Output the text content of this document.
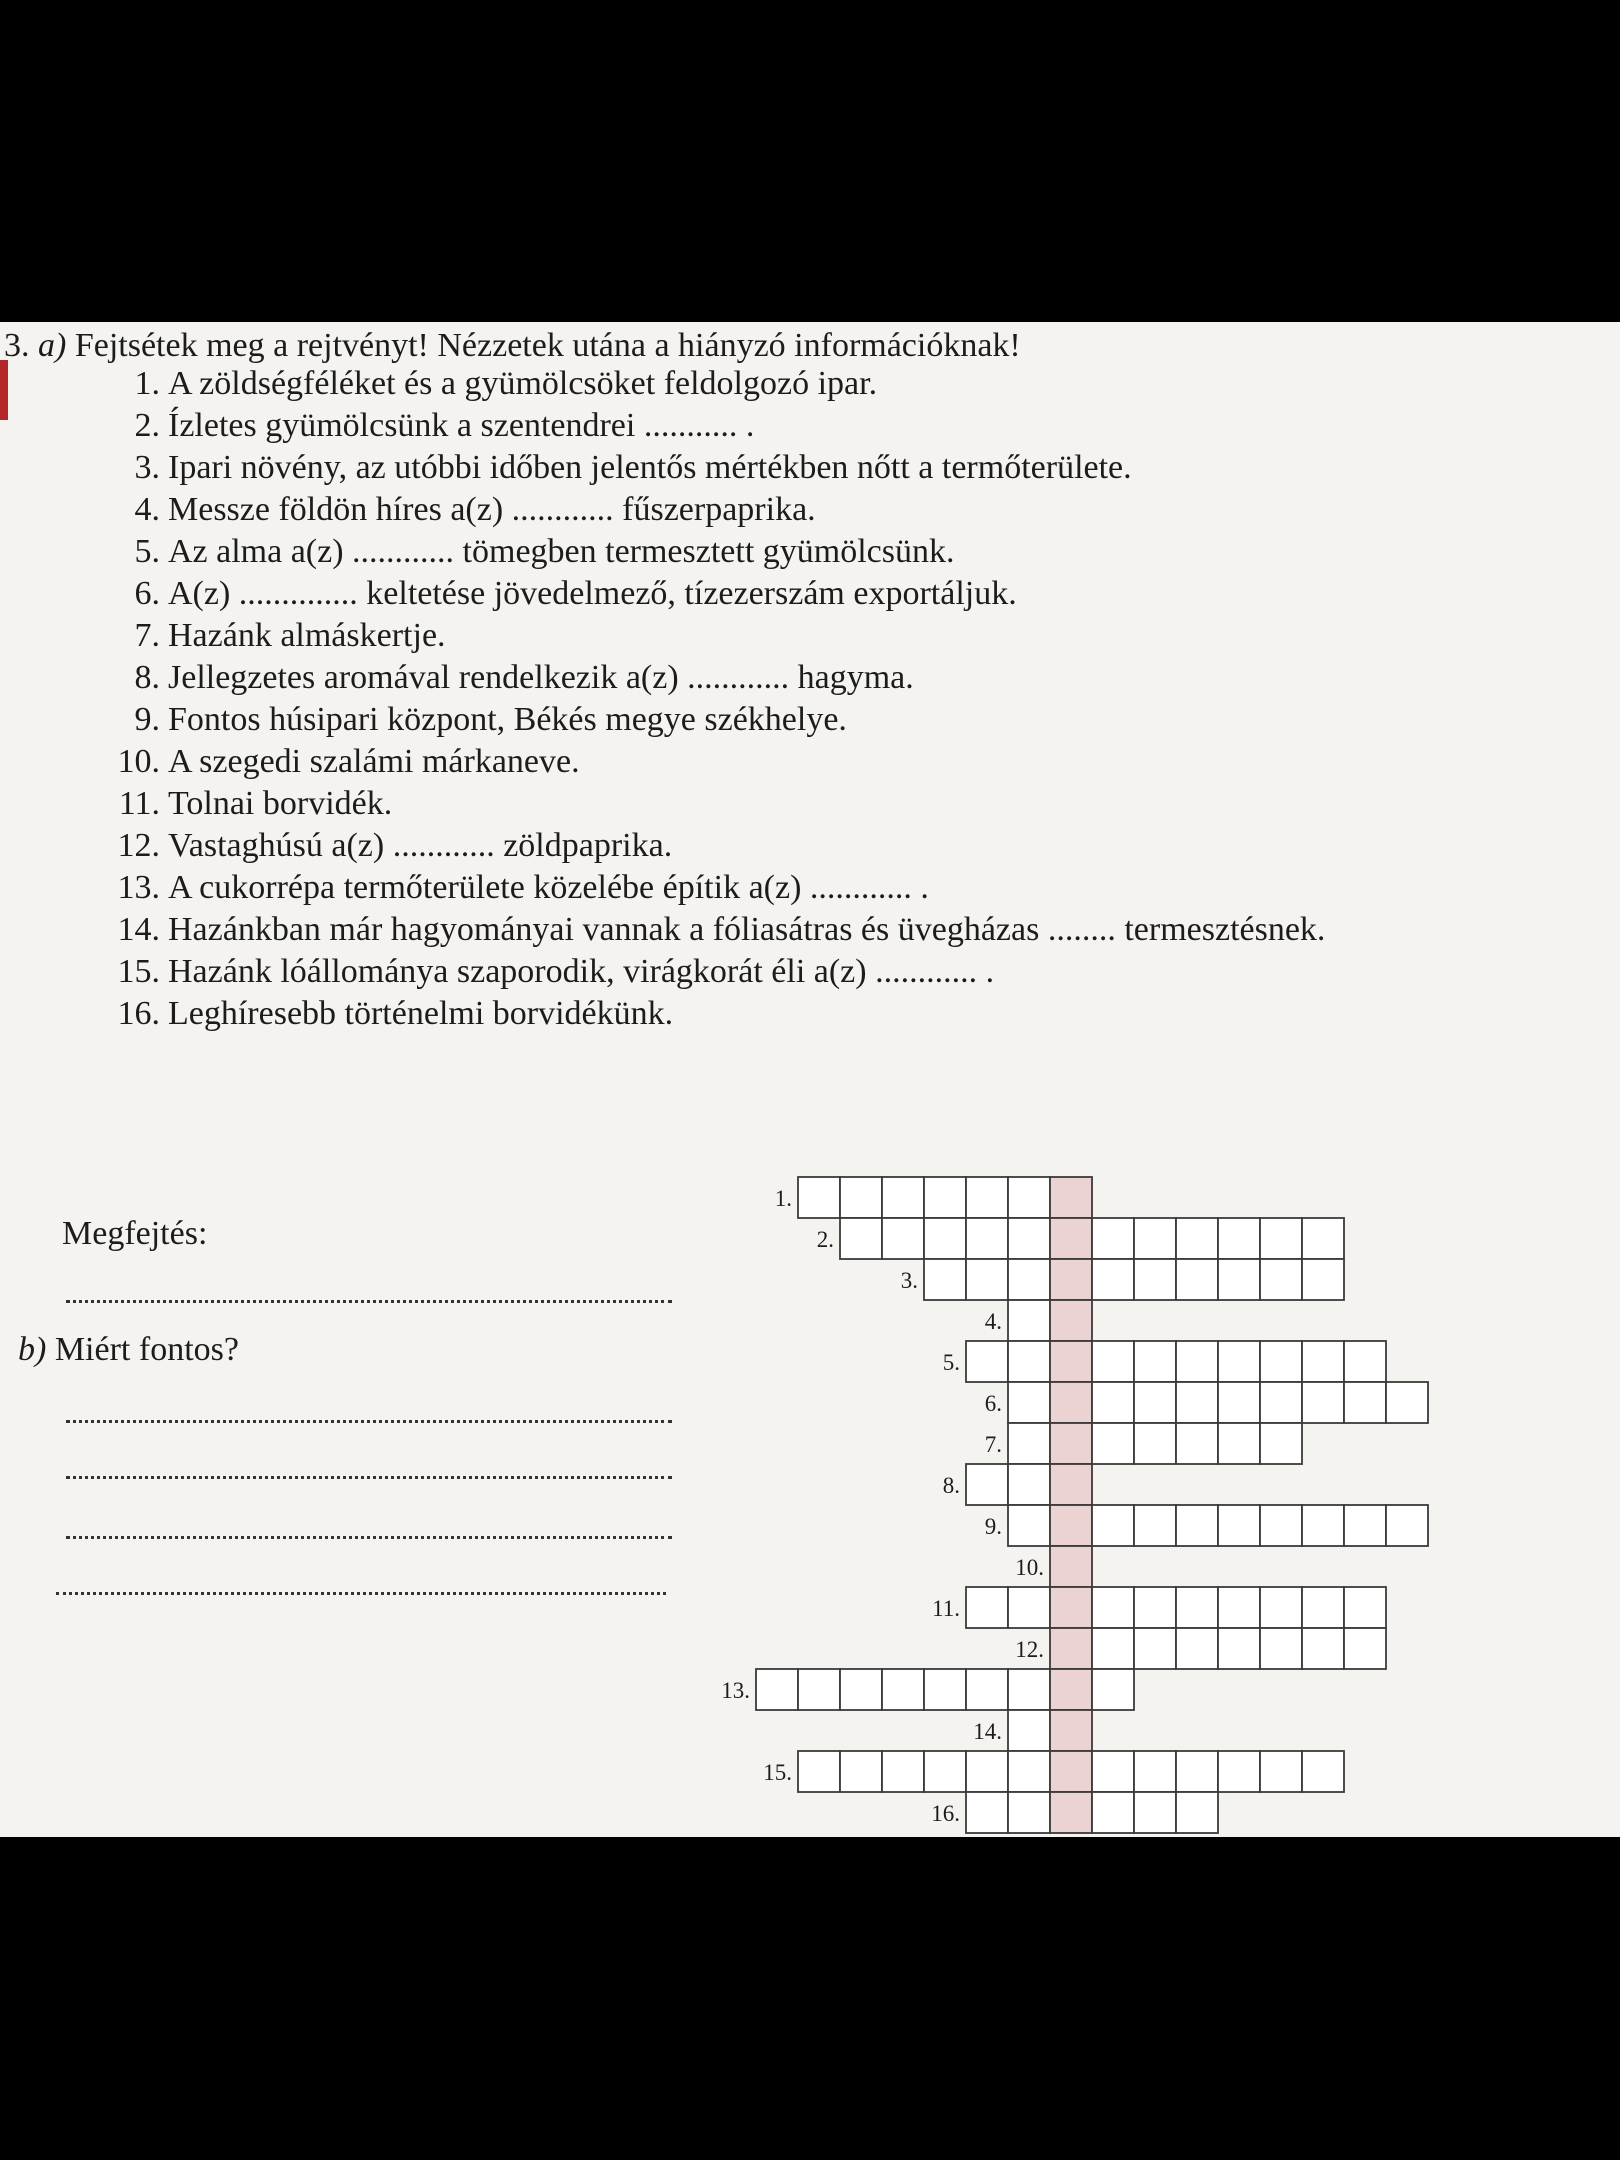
3. a) Fejtsétek meg a rejtvényt! Nézzetek utána a hiányzó információknak!
1. A zöldségféléket és a gyümölcsöket feldolgozó ipar.
2. Ízletes gyümölcsünk a szentendrei ........... .
3. Ipari növény, az utóbbi időben jelentős mértékben nőtt a termőterülete.
4. Messze földön híres a(z) ............ fűszerpaprika.
5. Az alma a(z) ............ tömegben termesztett gyümölcsünk.
6. A(z) .............. keltetése jövedelmező, tízezerszám exportáljuk.
7. Hazánk almáskertje.
8. Jellegzetes aromával rendelkezik a(z) ............ hagyma.
9. Fontos húsipari központ, Békés megye székhelye.
10. A szegedi szalámi márkaneve.
11. Tolnai borvidék.
12. Vastaghúsú a(z) ............ zöldpaprika.
13. A cukorrépa termőterülete közelébe építik a(z) ............ .
14. Hazánkban már hagyományai vannak a fóliasátras és üvegházas ........ termesztésnek.
15. Hazánk lóállománya szaporodik, virágkorát éli a(z) ............ .
16. Leghíresebb történelmi borvidékünk.
Megfejtés:
b) Miért fontos?
1.
2.
3.
4.
5.
6.
7.
8.
9.
10.
11.
12.
13.
14.
15.
16.
